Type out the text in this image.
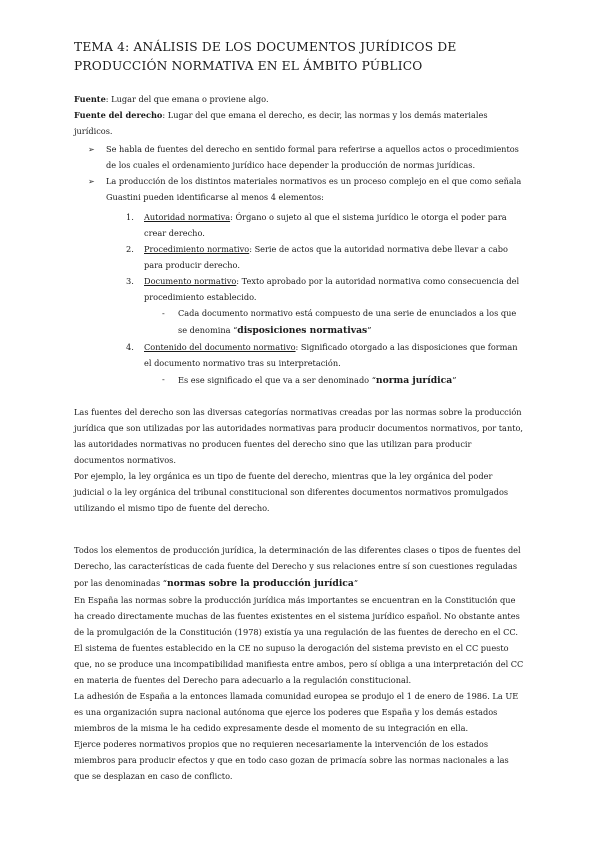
TEMA 4: ANÁLISIS DE LOS DOCUMENTOS JURÍDICOS DE PRODUCCIÓN NORMATIVA EN EL ÁMBITO PÚBLICO

Fuente: Lugar del que emana o proviene algo.

Fuente del derecho: Lugar del que emana el derecho, es decir, las normas y los demás materiales jurídicos.

➢ Se habla de fuentes del derecho en sentido formal para referirse a aquellos actos o procedimientos de los cuales el ordenamiento jurídico hace depender la producción de normas jurídicas.
➢ La producción de los distintos materiales normativos es un proceso complejo en el que como señala Guastini pueden identificarse al menos 4 elementos:
1. Autoridad normativa: Órgano o sujeto al que el sistema jurídico le otorga el poder para crear derecho.
2. Procedimiento normativo: Serie de actos que la autoridad normativa debe llevar a cabo para producir derecho.
3. Documento normativo: Texto aprobado por la autoridad normativa como consecuencia del procedimiento establecido.
- Cada documento normativo está compuesto de una serie de enunciados a los que se denomina “disposiciones normativas”
4. Contenido del documento normativo: Significado otorgado a las disposiciones que forman el documento normativo tras su interpretación.
- Es ese significado el que va a ser denominado “norma jurídica”

Las fuentes del derecho son las diversas categorías normativas creadas por las normas sobre la producción jurídica que son utilizadas por las autoridades normativas para producir documentos normativos, por tanto, las autoridades normativas no producen fuentes del derecho sino que las utilizan para producir documentos normativos.

Por ejemplo, la ley orgánica es un tipo de fuente del derecho, mientras que la ley orgánica del poder judicial o la ley orgánica del tribunal constitucional son diferentes documentos normativos promulgados utilizando el mismo tipo de fuente del derecho.

Todos los elementos de producción jurídica, la determinación de las diferentes clases o tipos de fuentes del Derecho, las características de cada fuente del Derecho y sus relaciones entre sí son cuestiones reguladas por las denominadas “normas sobre la producción jurídica”

En España las normas sobre la producción jurídica más importantes se encuentran en la Constitución que ha creado directamente muchas de las fuentes existentes en el sistema jurídico español. No obstante antes de la promulgación de la Constitución (1978) existía ya una regulación de las fuentes de derecho en el CC.

El sistema de fuentes establecido en la CE no supuso la derogación del sistema previsto en el CC puesto que, no se produce una incompatibilidad manifiesta entre ambos, pero sí obliga a una interpretación del CC en materia de fuentes del Derecho para adecuarlo a la regulación constitucional.

La adhesión de España a la entonces llamada comunidad europea se produjo el 1 de enero de 1986. La UE es una organización supra nacional autónoma que ejerce los poderes que España y los demás estados miembros de la misma le ha cedido expresamente desde el momento de su integración en ella.

Ejerce poderes normativos propios que no requieren necesariamente la intervención de los estados miembros para producir efectos y que en todo caso gozan de primacía sobre las normas nacionales a las que se desplazan en caso de conflicto.
